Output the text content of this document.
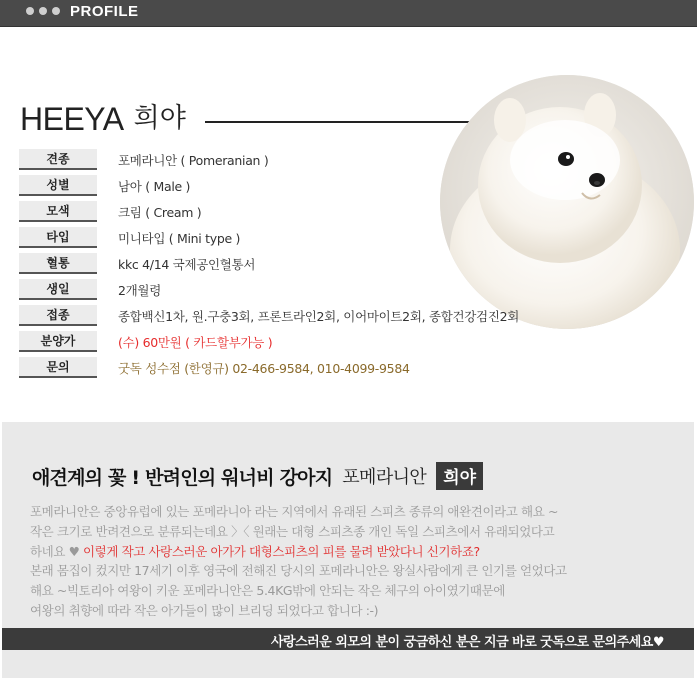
PROFILE
HEEYA 희야
견종	포메라니안 ( Pomeranian )
성별	남아 ( Male )
모색	크림 ( Cream )
타입	미니타입 ( Mini type )
혈통	kkc 4/14 국제공인혈통서
생일	2개월령
접종	종합백신1차, 원.구충3회, 프론트라인2회, 이어마이트2회, 종합건강검진2회
분양가	(수) 60만원 ( 카드할부가능 )
문의	굿독 성수점 (한영규) 02-466-9584, 010-4099-9584
애견계의 꽃 ! 반려인의 워너비 강아지 포메라니안	희야
포메라니안은 중앙유럽에 있는 포메라니아 라는 지역에서 유래된 스피츠 종류의 애완견이라고 해요 ~
작은 크기로 반려견으로 분류되는데요 〉〈 원래는 대형 스피츠종 개인 독일 스피츠에서 유래되었다고
하네요 ♥ 이렇게 작고 사랑스러운 아가가 대형스피츠의 피를 물려 받았다니 신기하죠?
본래 몸집이 컸지만 17세기 이후 영국에 전해진 당시의 포메라니안은 왕실사람에게 큰 인기를 얻었다고
해요 ~빅토리아 여왕이 키운 포메라니안은 5.4KG밖에 안되는 작은 체구의 아이였기때문에
여왕의 취향에 따라 작은 아가들이 많이 브리딩 되었다고 합니다 :-)
사랑스러운 외모의 분이 궁금하신 분은 지금 바로 굿독으로 문의주세요♥
